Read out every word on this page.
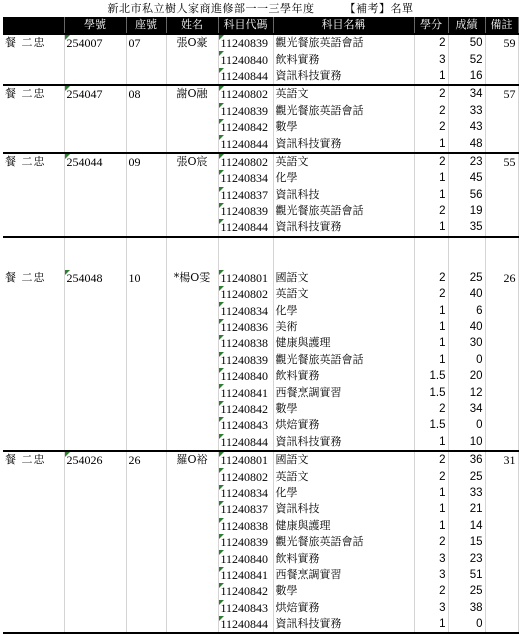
新北市私立樹人家商進修部一一三學年度	【補考】名單
	學號	座號	姓名	科目代碼	科目名稱	學分	成績	備註
餐 二忠	254007	07	張O豪	11240839	觀光餐旅英語會話	2	50	59
				11240840	飲料實務	3	52	
				11240844	資訊科技實務	1	16	
餐 二忠	254047	08	謝O融	11240802	英語文	2	34	57
				11240839	觀光餐旅英語會話	2	33	
				11240842	數學	2	43	
				11240844	資訊科技實務	1	48	
餐 二忠	254044	09	張O宸	11240802	英語文	2	23	55
				11240834	化學	1	45	
				11240837	資訊科技	1	56	
				11240839	觀光餐旅英語會話	2	19	
				11240844	資訊科技實務	1	35	

餐 二忠	254048	10	*楊O雯	11240801	國語文	2	25	26
				11240802	英語文	2	40	
				11240834	化學	1	6	
				11240836	美術	1	40	
				11240838	健康與護理	1	30	
				11240839	觀光餐旅英語會話	1	0	
				11240840	飲料實務	1.5	20	
				11240841	西餐烹調實習	1.5	12	
				11240842	數學	2	34	
				11240843	烘焙實務	1.5	0	
				11240844	資訊科技實務	1	10	
餐 二忠	254026	26	羅O裕	11240801	國語文	2	36	31
				11240802	英語文	2	25	
				11240834	化學	1	33	
				11240837	資訊科技	1	21	
				11240838	健康與護理	1	14	
				11240839	觀光餐旅英語會話	2	15	
				11240840	飲料實務	3	23	
				11240841	西餐烹調實習	3	51	
				11240842	數學	2	25	
				11240843	烘焙實務	3	38	
				11240844	資訊科技實務	1	0	
